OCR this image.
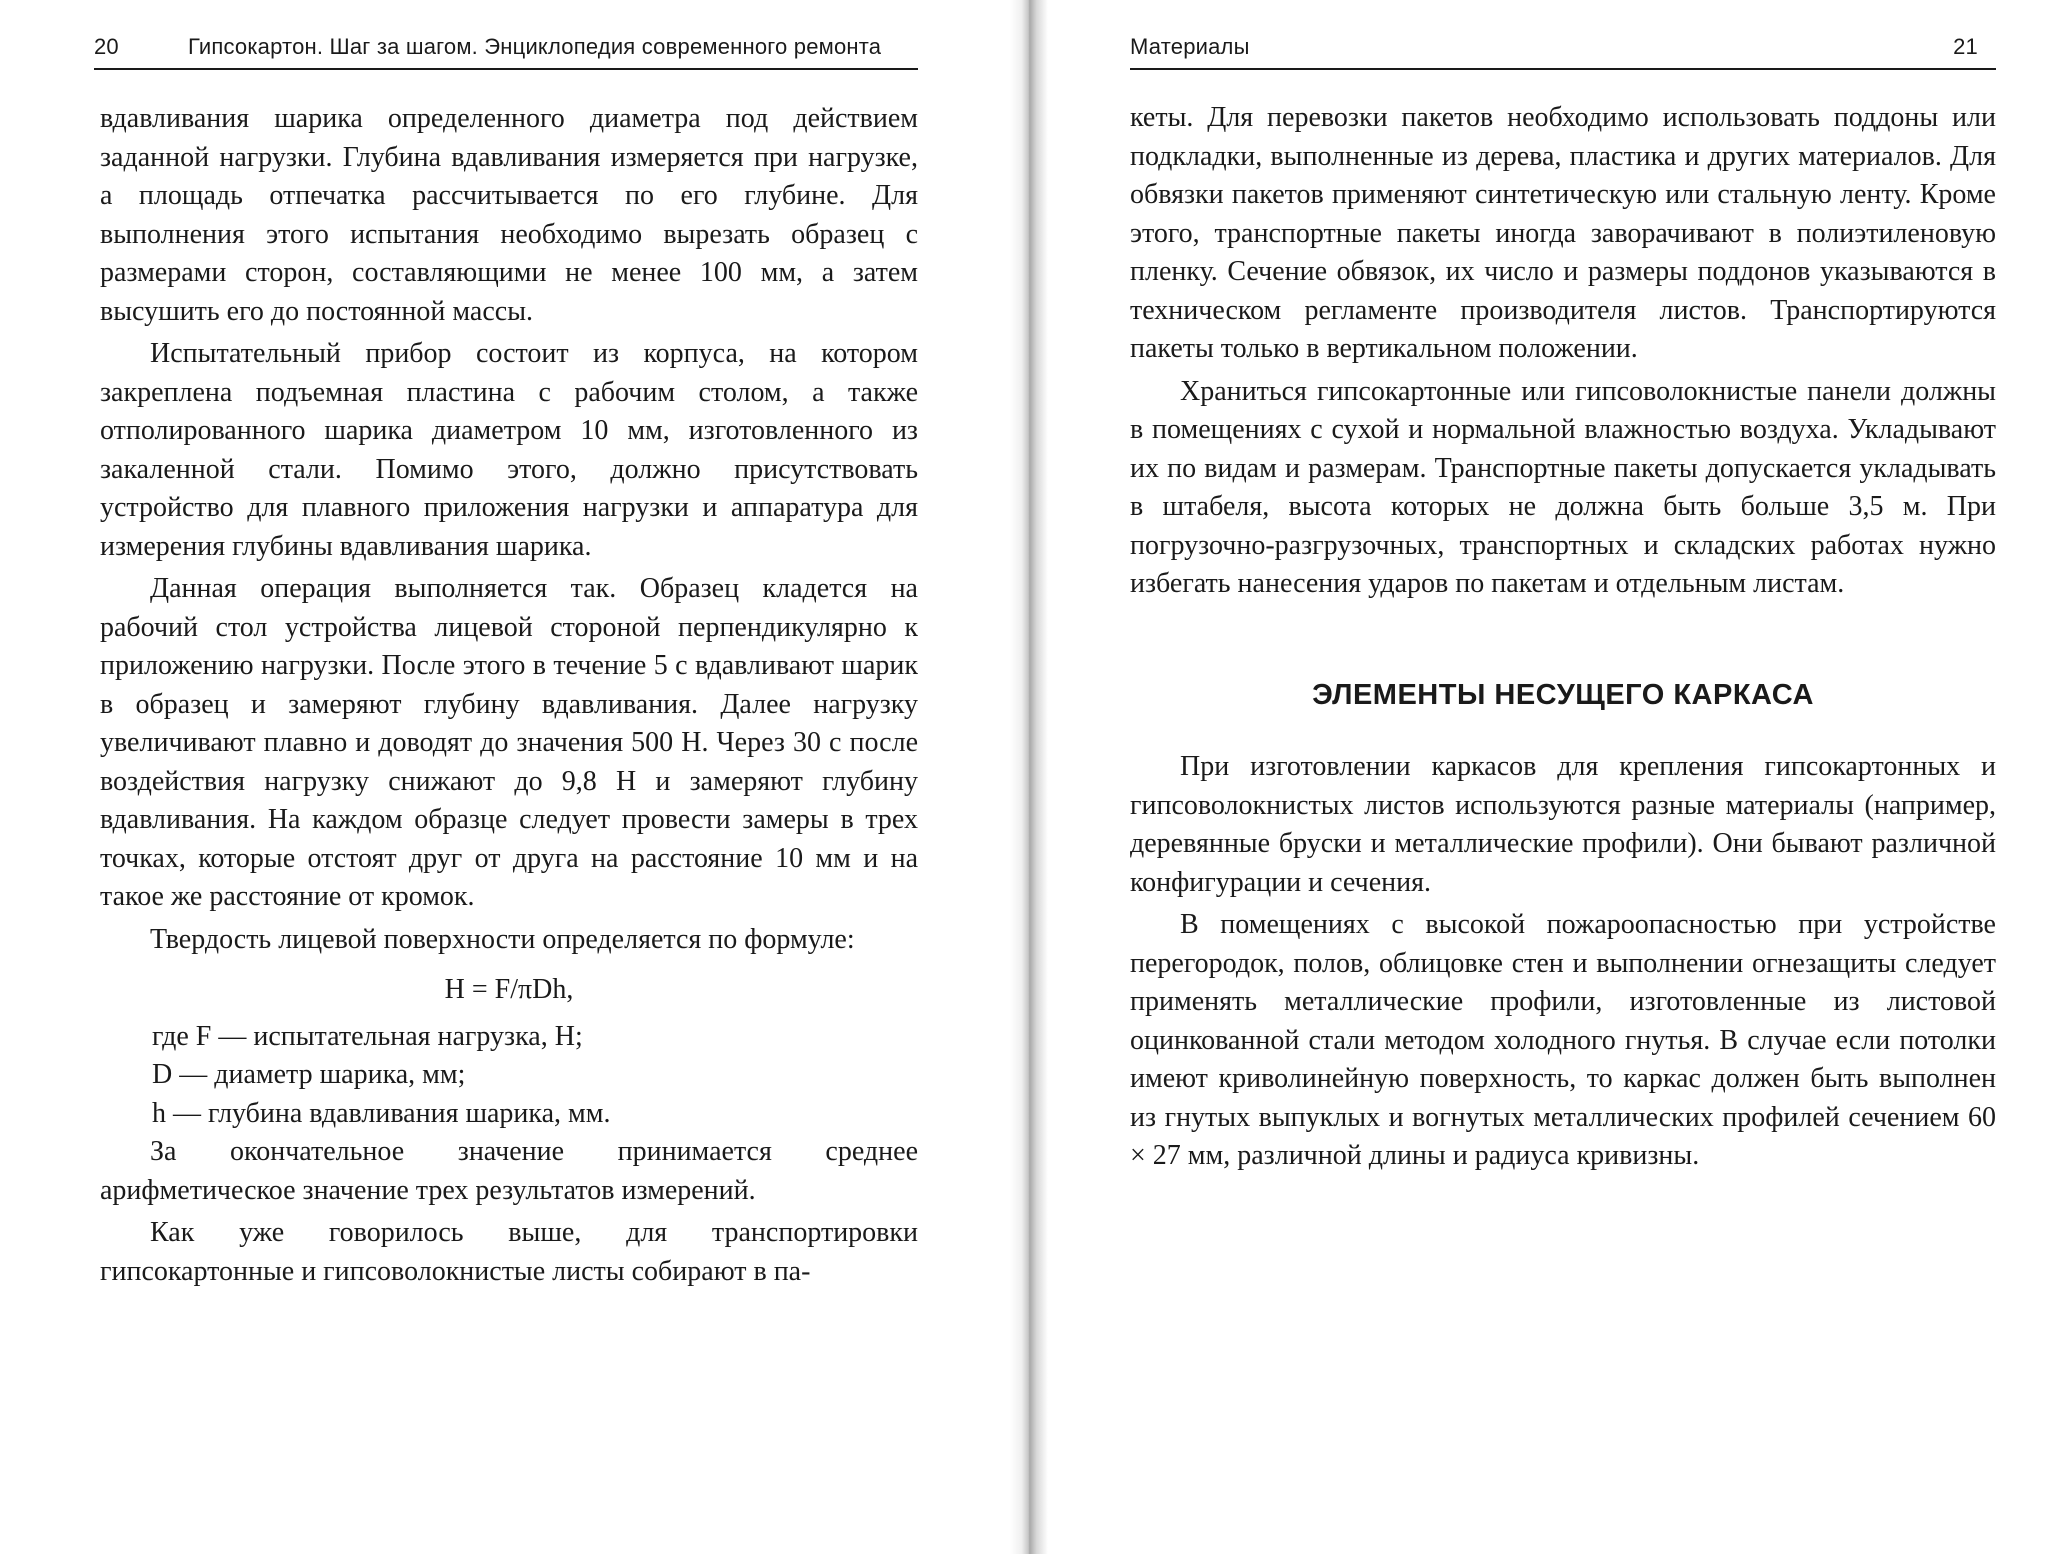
20	Гипсокартон. Шаг за шагом. Энциклопедия современного ремонта

вдавливания шарика определенного диаметра под действием заданной нагрузки. Глубина вдавливания измеряется при нагрузке, а площадь отпечатка рассчитывается по его глубине. Для выполнения этого испытания необходимо вырезать образец с размерами сторон, составляющими не менее 100 мм, а затем высушить его до постоянной массы.

Испытательный прибор состоит из корпуса, на котором закреплена подъемная пластина с рабочим столом, а также отполированного шарика диаметром 10 мм, изготовленного из закаленной стали. Помимо этого, должно присутствовать устройство для плавного приложения нагрузки и аппаратура для измерения глубины вдавливания шарика.

Данная операция выполняется так. Образец кладется на рабочий стол устройства лицевой стороной перпендикулярно к приложению нагрузки. После этого в течение 5 с вдавливают шарик в образец и замеряют глубину вдавливания. Далее нагрузку увеличивают плавно и доводят до значения 500 Н. Через 30 с после воздействия нагрузку снижают до 9,8 Н и замеряют глубину вдавливания. На каждом образце следует провести замеры в трех точках, которые отстоят друг от друга на расстояние 10 мм и на такое же расстояние от кромок.

Твердость лицевой поверхности определяется по формуле:

H = F/πDh,

где F — испытательная нагрузка, Н;

D — диаметр шарика, мм;

h — глубина вдавливания шарика, мм.

За окончательное значение принимается среднее арифметическое значение трех результатов измерений.

Как уже говорилось выше, для транспортировки гипсокартонные и гипсоволокнистые листы собирают в па-

Материалы	21

кеты. Для перевозки пакетов необходимо использовать поддоны или подкладки, выполненные из дерева, пластика и других материалов. Для обвязки пакетов применяют синтетическую или стальную ленту. Кроме этого, транспортные пакеты иногда заворачивают в полиэтиленовую пленку. Сечение обвязок, их число и размеры поддонов указываются в техническом регламенте производителя листов. Транспортируются пакеты только в вертикальном положении.

Храниться гипсокартонные или гипсоволокнистые панели должны в помещениях с сухой и нормальной влажностью воздуха. Укладывают их по видам и размерам. Транспортные пакеты допускается укладывать в штабеля, высота которых не должна быть больше 3,5 м. При погрузочно-разгрузочных, транспортных и складских работах нужно избегать нанесения ударов по пакетам и отдельным листам.

ЭЛЕМЕНТЫ НЕСУЩЕГО КАРКАСА

При изготовлении каркасов для крепления гипсокартонных и гипсоволокнистых листов используются разные материалы (например, деревянные бруски и металлические профили). Они бывают различной конфигурации и сечения.

В помещениях с высокой пожароопасностью при устройстве перегородок, полов, облицовке стен и выполнении огнезащиты следует применять металлические профили, изготовленные из листовой оцинкованной стали методом холодного гнутья. В случае если потолки имеют криволинейную поверхность, то каркас должен быть выполнен из гнутых выпуклых и вогнутых металлических профилей сечением 60 × 27 мм, различной длины и радиуса кривизны.
